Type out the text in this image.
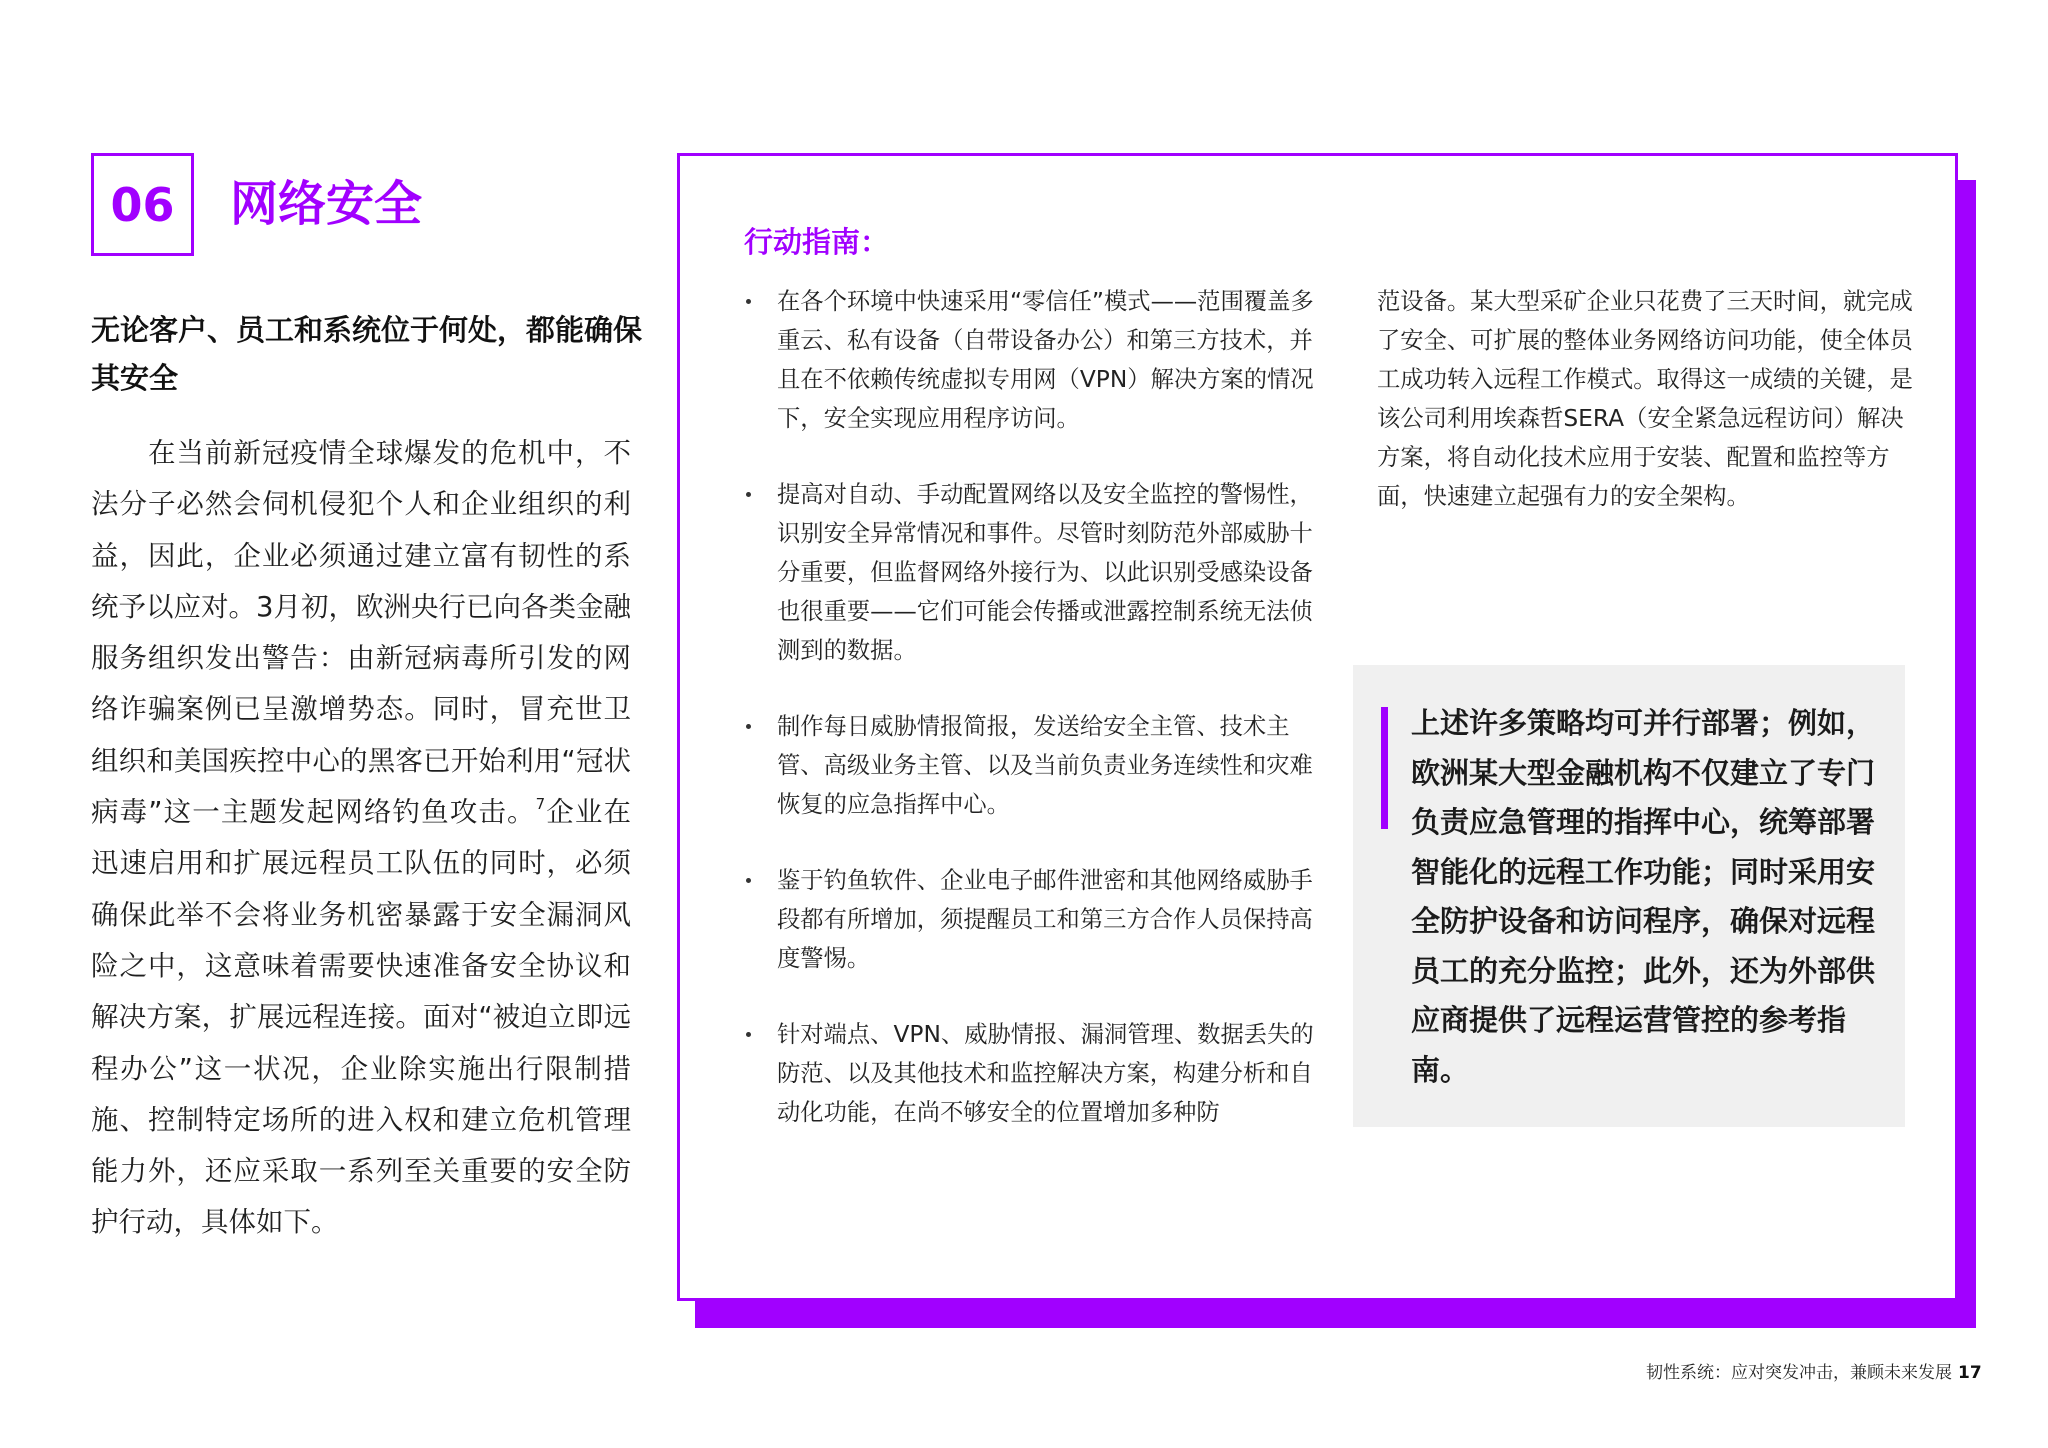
06 网络安全
无论客户、员工和系统位于何处，都能确保其安全

在当前新冠疫情全球爆发的危机中，不法分子必然会伺机侵犯个人和企业组织的利益，因此，企业必须通过建立富有韧性的系统予以应对。3月初，欧洲央行已向各类金融服务组织发出警告：由新冠病毒所引发的网络诈骗案例已呈激增势态。同时，冒充世卫组织和美国疾控中心的黑客已开始利用“冠状病毒”这一主题发起网络钓鱼攻击。$^7$企业在迅速启用和扩展远程员工队伍的同时，必须确保此举不会将业务机密暴露于安全漏洞风险之中，这意味着需要快速准备安全协议和解决方案，扩展远程连接。面对“被迫立即远程办公”这一状况，企业除实施出行限制措施、控制特定场所的进入权和建立危机管理能力外，还应采取一系列至关重要的安全防护行动，具体如下。

行动指南：
在各个环境中快速采用“零信任”模式——范围覆盖多重云、私有设备（自带设备办公）和第三方技术，并且在不依赖传统虚拟专用网（VPN）解决方案的情况下，安全实现应用程序访问。
提高对自动、手动配置网络以及安全监控的警惕性，识别安全异常情况和事件。尽管时刻防范外部威胁十分重要，但监督网络外接行为、以此识别受感染设备也很重要——它们可能会传播或泄露控制系统无法侦测到的数据。
制作每日威胁情报简报，发送给安全主管、技术主管、高级业务主管、以及当前负责业务连续性和灾难恢复的应急指挥中心。
鉴于钓鱼软件、企业电子邮件泄密和其他网络威胁手段都有所增加，须提醒员工和第三方合作人员保持高度警惕。
针对端点、VPN、威胁情报、漏洞管理、数据丢失的防范、以及其他技术和监控解决方案，构建分析和自动化功能，在尚不够安全的位置增加多种防

范设备。某大型采矿企业只花费了三天时间，就完成了安全、可扩展的整体业务网络访问功能，使全体员工成功转入远程工作模式。取得这一成绩的关键，是该公司利用埃森哲SERA（安全紧急远程访问）解决方案，将自动化技术应用于安装、配置和监控等方面，快速建立起强有力的安全架构。

上述许多策略均可并行部署；例如，欧洲某大型金融机构不仅建立了专门负责应急管理的指挥中心，统筹部署智能化的远程工作功能；同时采用安全防护设备和访问程序，确保对远程员工的充分监控；此外，还为外部供应商提供了远程运营管控的参考指南。

韧性系统：应对突发冲击，兼顾未来发展 17
